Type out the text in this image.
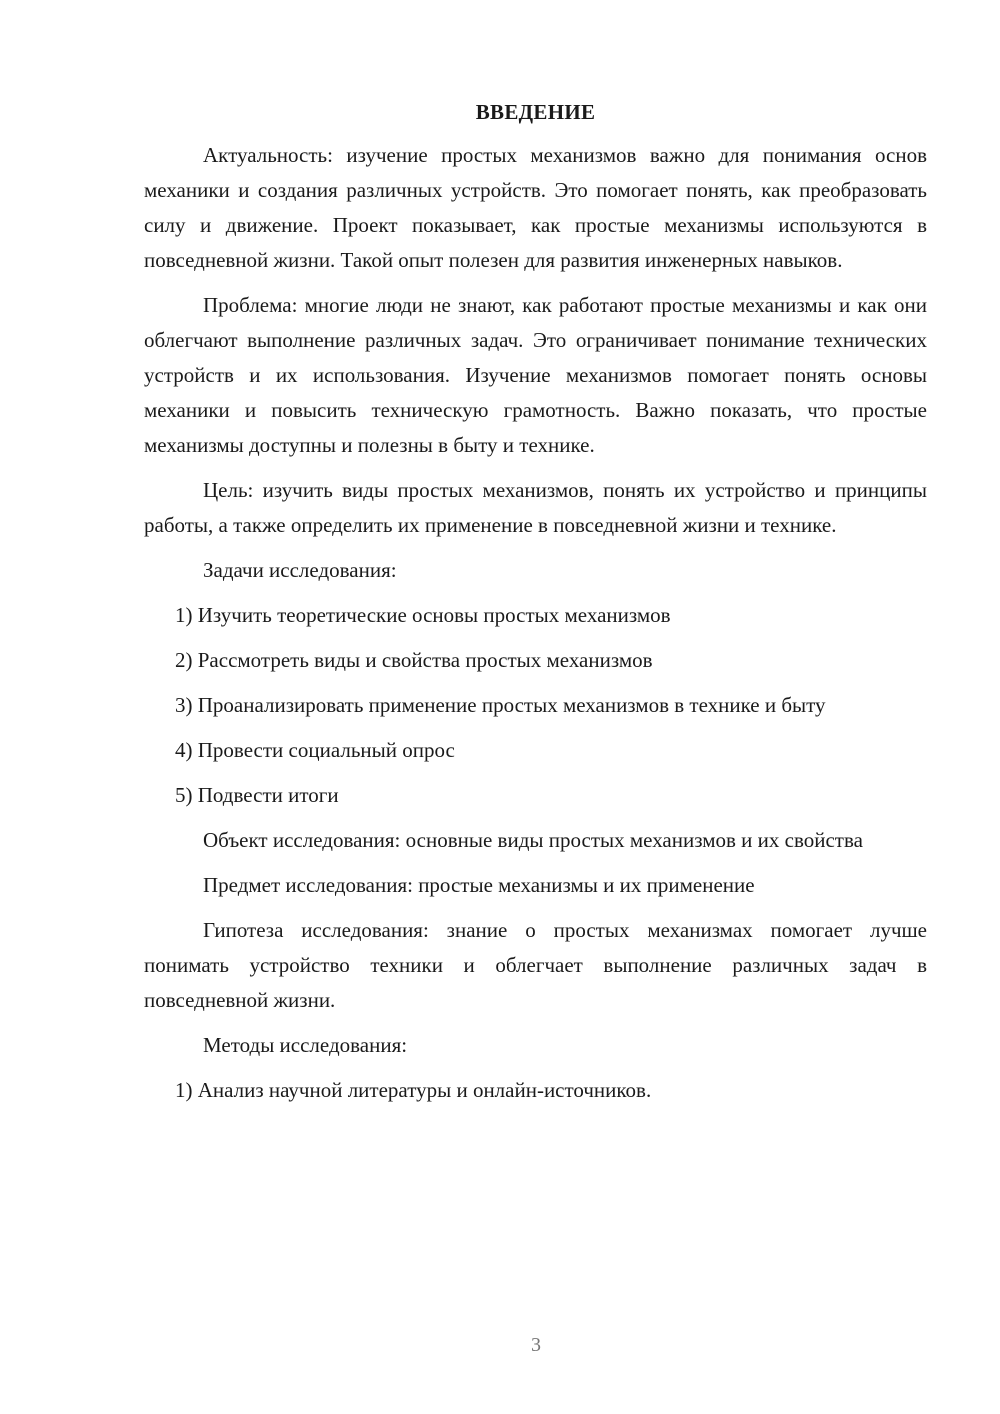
ВВЕДЕНИЕ

Актуальность: изучение простых механизмов важно для понимания основ механики и создания различных устройств. Это помогает понять, как преобразовать силу и движение. Проект показывает, как простые механизмы используются в повседневной жизни. Такой опыт полезен для развития инженерных навыков.

Проблема: многие люди не знают, как работают простые механизмы и как они облегчают выполнение различных задач. Это ограничивает понимание технических устройств и их использования. Изучение механизмов помогает понять основы механики и повысить техническую грамотность. Важно показать, что простые механизмы доступны и полезны в быту и технике.

Цель: изучить виды простых механизмов, понять их устройство и принципы работы, а также определить их применение в повседневной жизни и технике.

Задачи исследования:

1) Изучить теоретические основы простых механизмов

2) Рассмотреть виды и свойства простых механизмов

3) Проанализировать применение простых механизмов в технике и быту

4) Провести социальный опрос

5) Подвести итоги

Объект исследования: основные виды простых механизмов и их свойства

Предмет исследования: простые механизмы и их применение

Гипотеза исследования: знание о простых механизмах помогает лучше понимать устройство техники и облегчает выполнение различных задач в повседневной жизни.

Методы исследования:

1) Анализ научной литературы и онлайн-источников.

3
